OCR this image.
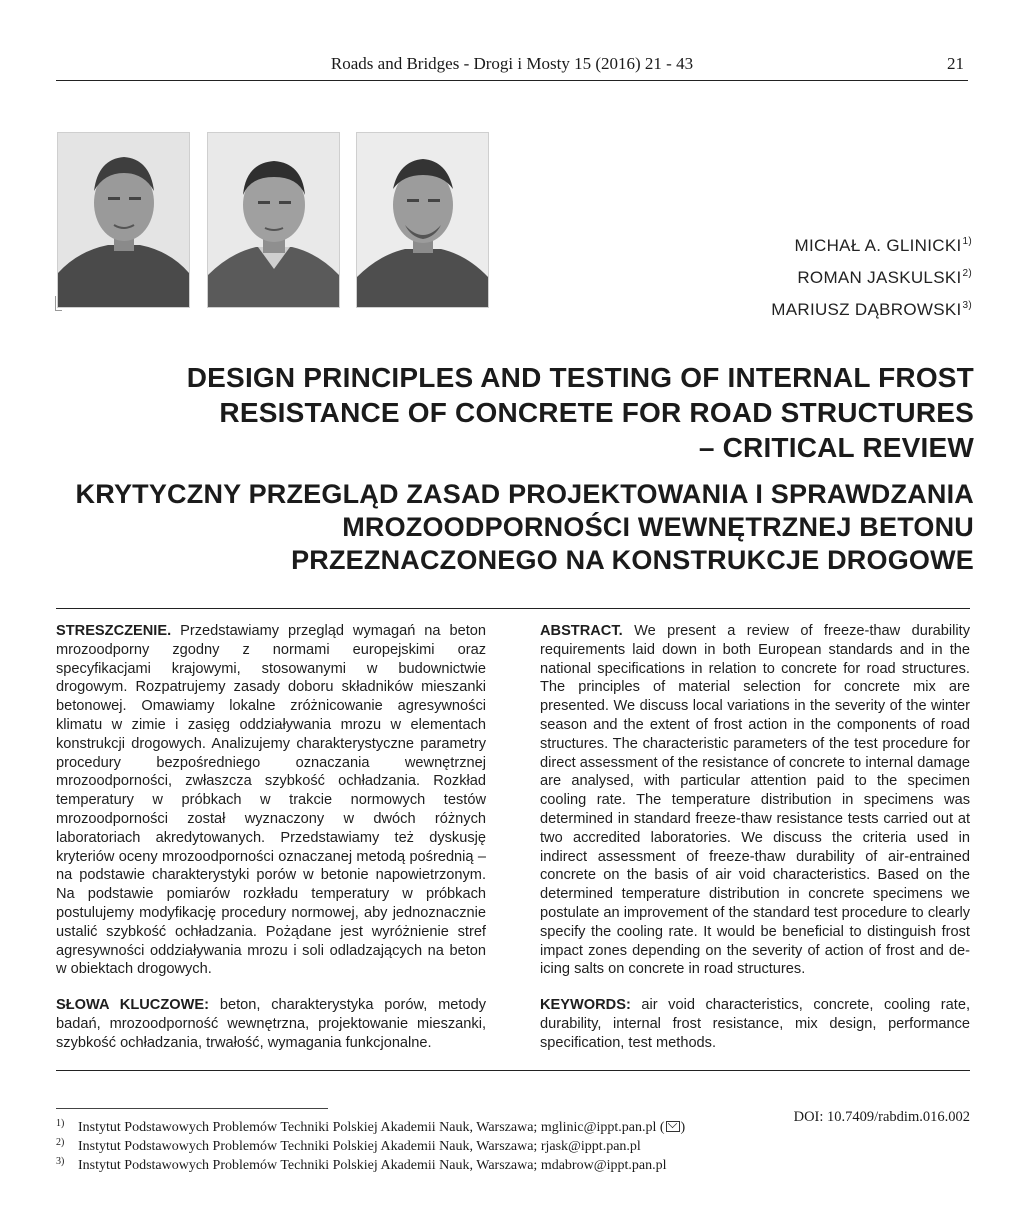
Roads and Bridges - Drogi i Mosty 15 (2016) 21 - 43	21
MICHAŁ A. GLINICKI$^{1)}$
ROMAN JASKULSKI$^{2)}$
MARIUSZ DĄBROWSKI$^{3)}$
DESIGN PRINCIPLES AND TESTING OF INTERNAL FROST
RESISTANCE OF CONCRETE FOR ROAD STRUCTURES
– CRITICAL REVIEW
KRYTYCZNY PRZEGLĄD ZASAD PROJEKTOWANIA I SPRAWDZANIA
MROZOODPORNOŚCI WEWNĘTRZNEJ BETONU
PRZEZNACZONEGO NA KONSTRUKCJE DROGOWE
STRESZCZENIE. Przedstawiamy przegląd wymagań na beton mrozoodporny zgodny z normami europejskimi oraz specyfikacjami krajowymi, stosowanymi w budownictwie drogowym. Rozpatrujemy zasady doboru składników mieszanki betonowej. Omawiamy lokalne zróżnicowanie agresywności klimatu w zimie i zasięg oddziaływania mrozu w elementach konstrukcji drogowych. Analizujemy charakterystyczne parametry procedury bezpośredniego oznaczania wewnętrznej mrozoodporności, zwłaszcza szybkość ochładzania. Rozkład temperatury w próbkach w trakcie normowych testów mrozoodporności został wyznaczony w dwóch różnych laboratoriach akredytowanych. Przedstawiamy też dyskusję kryteriów oceny mrozoodporności oznaczanej metodą pośrednią – na podstawie charakterystyki porów w betonie napowietrzonym. Na podstawie pomiarów rozkładu temperatury w próbkach postulujemy modyfikację procedury normowej, aby jednoznacznie ustalić szybkość ochładzania. Pożądane jest wyróżnienie stref agresywności oddziaływania mrozu i soli odladzających na beton w obiektach drogowych.
ABSTRACT. We present a review of freeze-thaw durability requirements laid down in both European standards and in the national specifications in relation to concrete for road structures. The principles of material selection for concrete mix are presented. We discuss local variations in the severity of the winter season and the extent of frost action in the components of road structures. The characteristic parameters of the test procedure for direct assessment of the resistance of concrete to internal damage are analysed, with particular attention paid to the specimen cooling rate. The temperature distribution in specimens was determined in standard freeze-thaw resistance tests carried out at two accredited laboratories. We discuss the criteria used in indirect assessment of freeze-thaw durability of air-entrained concrete on the basis of air void characteristics. Based on the determined temperature distribution in concrete specimens we postulate an improvement of the standard test procedure to clearly specify the cooling rate. It would be beneficial to distinguish frost impact zones depending on the severity of action of frost and de-icing salts on concrete in road structures.
SŁOWA KLUCZOWE: beton, charakterystyka porów, metody badań, mrozoodporność wewnętrzna, projektowanie mieszanki, szybkość ochładzania, trwałość, wymagania funkcjonalne.
KEYWORDS: air void characteristics, concrete, cooling rate, durability, internal frost resistance, mix design, performance specification, test methods.
DOI: 10.7409/rabdim.016.002
1) Instytut Podstawowych Problemów Techniki Polskiej Akademii Nauk, Warszawa; mglinic@ippt.pan.pl ( )
2) Instytut Podstawowych Problemów Techniki Polskiej Akademii Nauk, Warszawa; rjask@ippt.pan.pl
3) Instytut Podstawowych Problemów Techniki Polskiej Akademii Nauk, Warszawa; mdabrow@ippt.pan.pl
